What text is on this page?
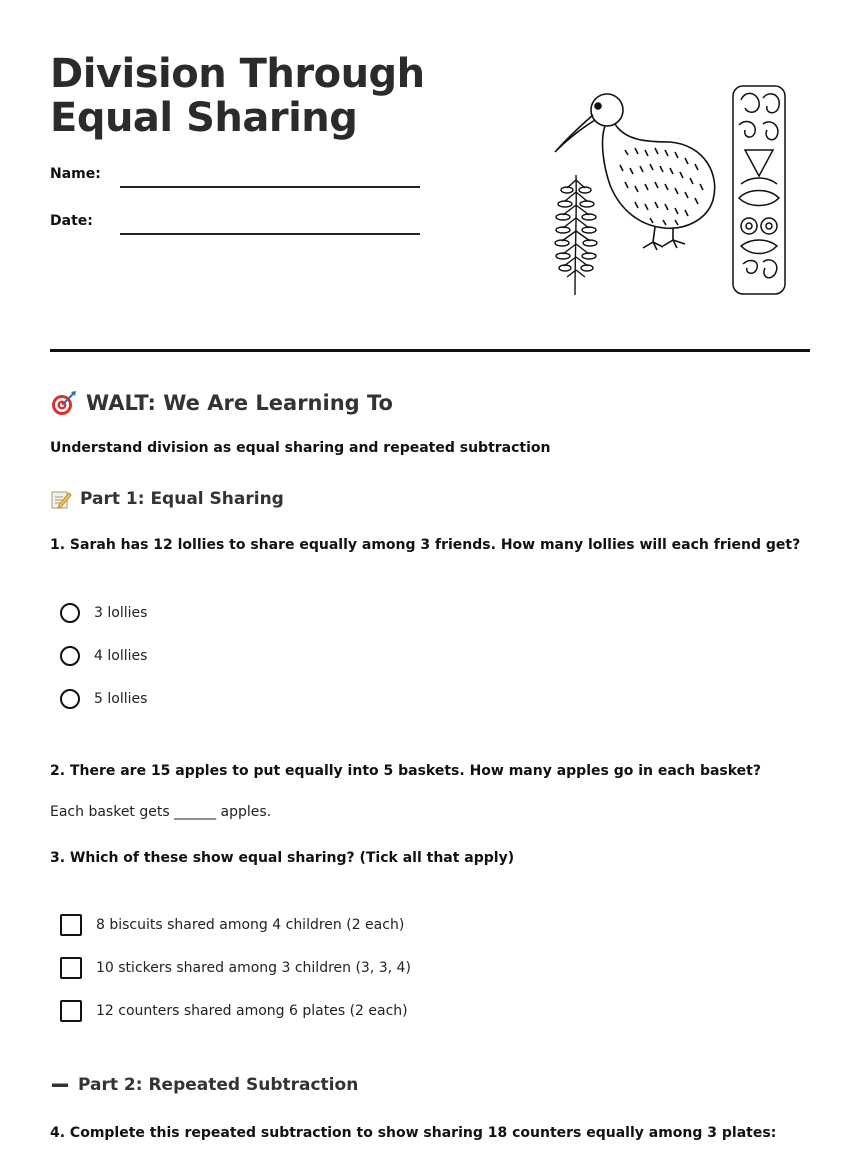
Division Through Equal Sharing
Name:
Date:
WALT: We Are Learning To

Understand division as equal sharing and repeated subtraction

Part 1: Equal Sharing

1. Sarah has 12 lollies to share equally among 3 friends. How many lollies will each friend get?

3 lollies
4 lollies
5 lollies

2. There are 15 apples to put equally into 5 baskets. How many apples go in each basket?

Each basket gets ______ apples.

3. Which of these show equal sharing? (Tick all that apply)

8 biscuits shared among 4 children (2 each)
10 stickers shared among 3 children (3, 3, 4)
12 counters shared among 6 plates (2 each)
Part 2: Repeated Subtraction

4. Complete this repeated subtraction to show sharing 18 counters equally among 3 plates:
